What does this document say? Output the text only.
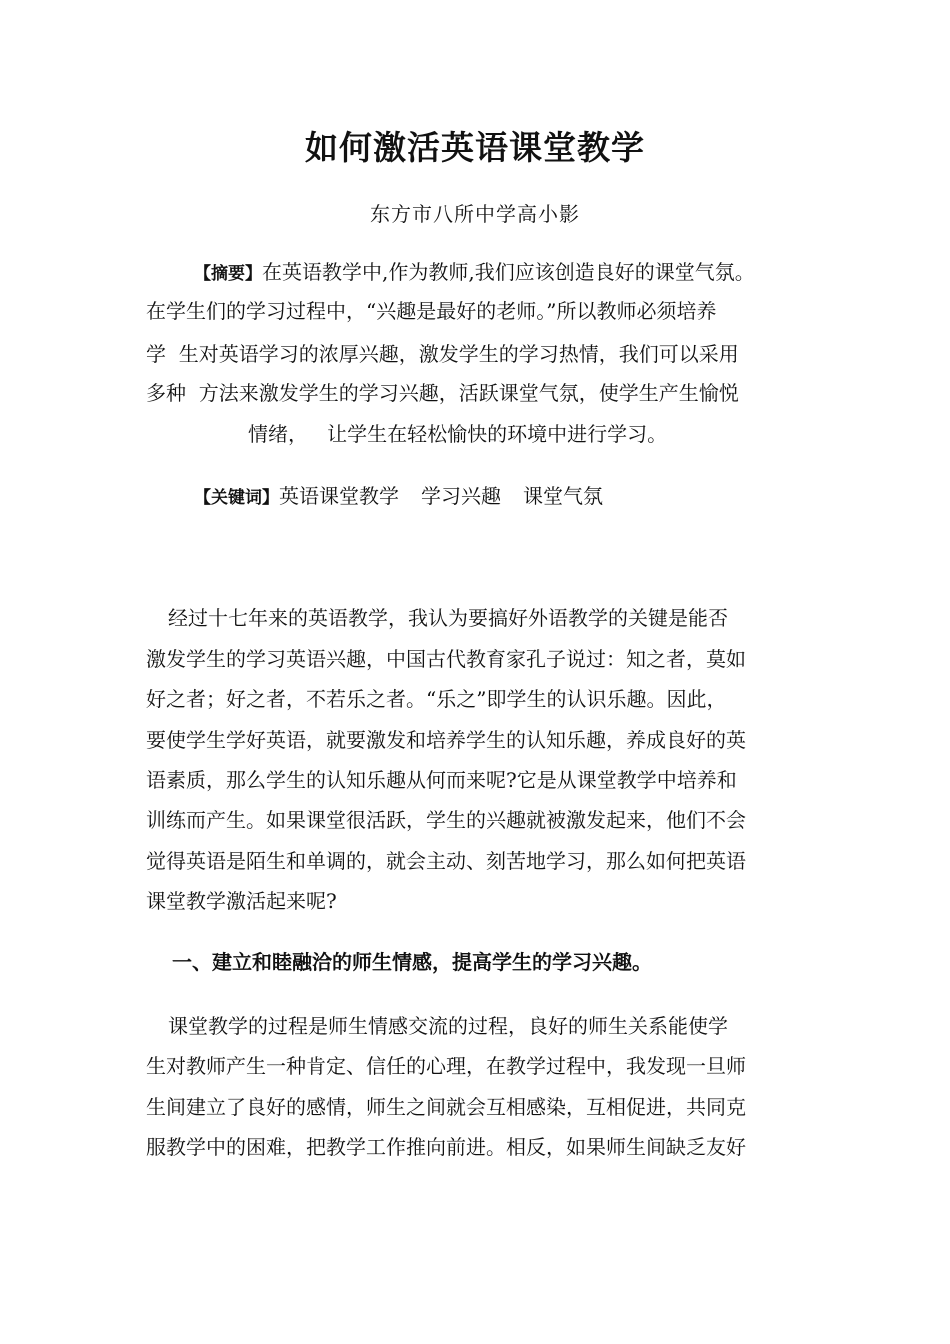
如何激活英语课堂教学
东方市八所中学高小影
【摘要】在英语教学中,作为教师,我们应该创造良好的课堂气氛。
在学生们的学习过程中，“兴趣是最好的老师。”所以教师必须培养
学  生对英语学习的浓厚兴趣，激发学生的学习热情，我们可以采用
多种  方法来激发学生的学习兴趣，活跃课堂气氛，使学生产生愉悦
情绪，   让学生在轻松愉快的环境中进行学习。
【关键词】英语课堂教学 学习兴趣 课堂气氛
经过十七年来的英语教学，我认为要搞好外语教学的关键是能否
激发学生的学习英语兴趣，中国古代教育家孔子说过：知之者，莫如
好之者；好之者，不若乐之者。“乐之”即学生的认识乐趣。因此，
要使学生学好英语，就要激发和培养学生的认知乐趣，养成良好的英
语素质，那么学生的认知乐趣从何而来呢?它是从课堂教学中培养和
训练而产生。如果课堂很活跃，学生的兴趣就被激发起来，他们不会
觉得英语是陌生和单调的，就会主动、刻苦地学习，那么如何把英语
课堂教学激活起来呢?
一、建立和睦融洽的师生情感，提高学生的学习兴趣。
课堂教学的过程是师生情感交流的过程，良好的师生关系能使学
生对教师产生一种肯定、信任的心理，在教学过程中，我发现一旦师
生间建立了良好的感情，师生之间就会互相感染，互相促进，共同克
服教学中的困难，把教学工作推向前进。相反，如果师生间缺乏友好
